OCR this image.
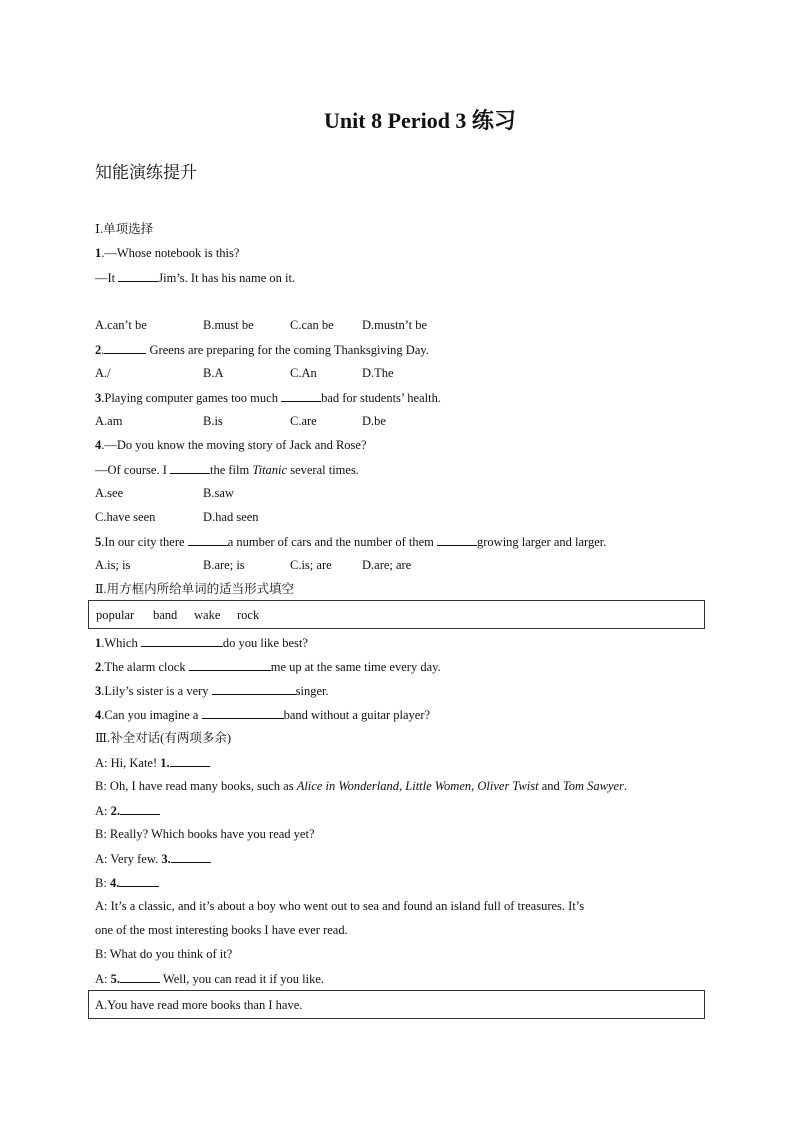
Unit 8 Period 3 练习
知能演练提升
Ⅰ.单项选择
1.—Whose notebook is this?
—It	Jim’s. It has his name on it.
A.can’t be	B.must be	C.can be D.mustn’t be
2.	Greens are preparing for the coming Thanksgiving Day.
A./	B.A	C.An	D.The
3.Playing computer games too much	bad for students’ health.
A.am	B.is	C.are	D.be
4.—Do you know the moving story of Jack and Rose?
—Of course. I	the film Titanic several times.
A.see	B.saw
C.have seen	D.had seen
5.In our city there	a number of cars and the number of them	growing larger and larger.
A.is; is	B.are; is	C.is; are D.are; are
Ⅱ.用方框内所给单词的适当形式填空
popular band wake rock
1.Which	do you like best?
2.The alarm clock	me up at the same time every day.
3.Lily’s sister is a very	singer.
4.Can you imagine a	band without a guitar player?
Ⅲ.补全对话(有两项多余)
A: Hi, Kate! 1.
B: Oh, I have read many books, such as Alice in Wonderland, Little Women, Oliver Twist and Tom Sawyer.
A: 2.
B: Really? Which books have you read yet?
A: Very few. 3.
B: 4.
A: It’s a classic, and it’s about a boy who went out to sea and found an island full of treasures. It’s
one of the most interesting books I have ever read.
B: What do you think of it?
A: 5.	Well, you can read it if you like.
A.You have read more books than I have.
